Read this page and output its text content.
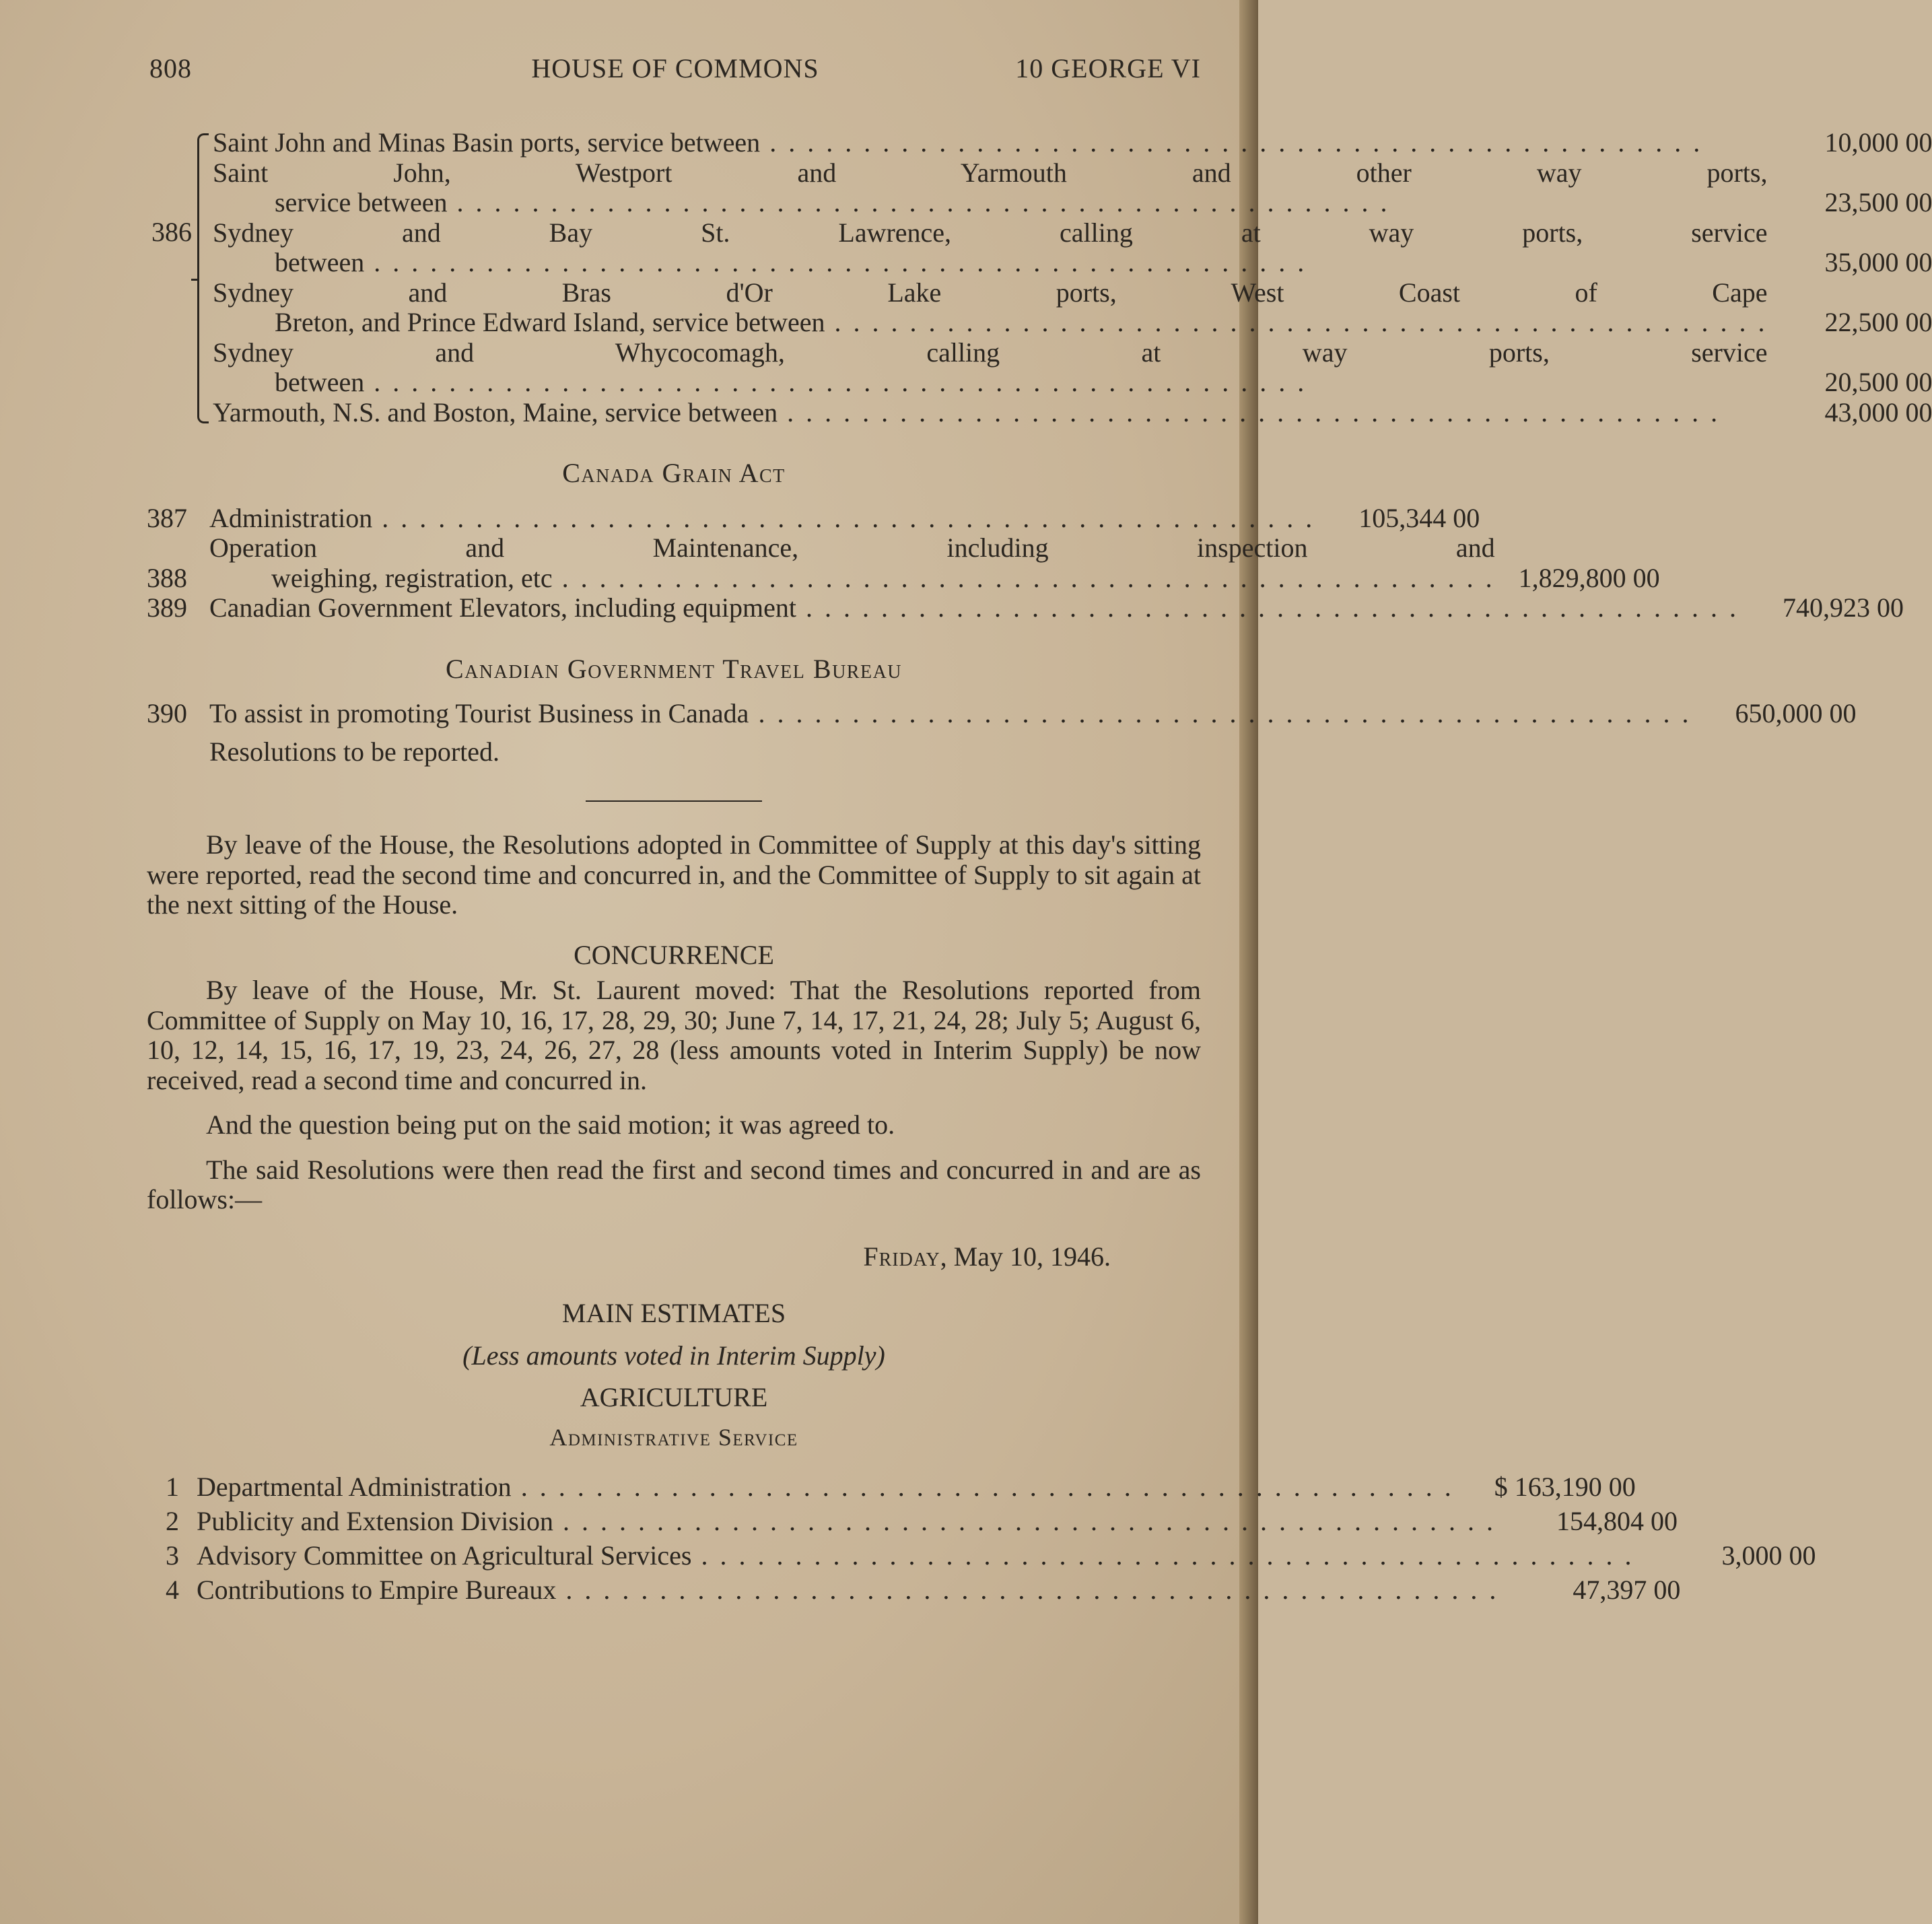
808	HOUSE OF COMMONS	10 GEORGE VI
386
Saint John and Minas Basin ports, service between . . .	10,000 00
Saint John, Westport and Yarmouth and other way ports,
service between . . .	23,500 00
Sydney and Bay St. Lawrence, calling at way ports, service
between . . .	35,000 00
Sydney and Bras d'Or Lake ports, West Coast of Cape
Breton, and Prince Edward Island, service between . . .	22,500 00
Sydney and Whycocomagh, calling at way ports, service
between . . .	20,500 00
Yarmouth, N.S. and Boston, Maine, service between . . .	43,000 00
Canada Grain Act
387 Administration . . .	105,344 00
388
Operation and Maintenance, including inspection and
weighing, registration, etc . . .	1,829,800 00
389 Canadian Government Elevators, including equipment . . .	740,923 00
Canadian Government Travel Bureau
390 To assist in promoting Tourist Business in Canada . . .	650,000 00
Resolutions to be reported.
By leave of the House, the Resolutions adopted in Committee of Supply at this day's sitting were reported, read the second time and concurred in, and the Committee of Supply to sit again at the next sitting of the House.
CONCURRENCE
By leave of the House, Mr. St. Laurent moved: That the Resolutions reported from Committee of Supply on May 10, 16, 17, 28, 29, 30; June 7, 14, 17, 21, 24, 28; July 5; August 6, 10, 12, 14, 15, 16, 17, 19, 23, 24, 26, 27, 28 (less amounts voted in Interim Supply) be now received, read a second time and concurred in.
And the question being put on the said motion; it was agreed to.
The said Resolutions were then read the first and second times and concurred in and are as follows:—
Friday, May 10, 1946.
MAIN ESTIMATES
(Less amounts voted in Interim Supply)
AGRICULTURE
Administrative Service
1 Departmental Administration . . .	$ 163,190 00
2 Publicity and Extension Division . . .	154,804 00
3 Advisory Committee on Agricultural Services . . .	3,000 00
4 Contributions to Empire Bureaux . . .	47,397 00
